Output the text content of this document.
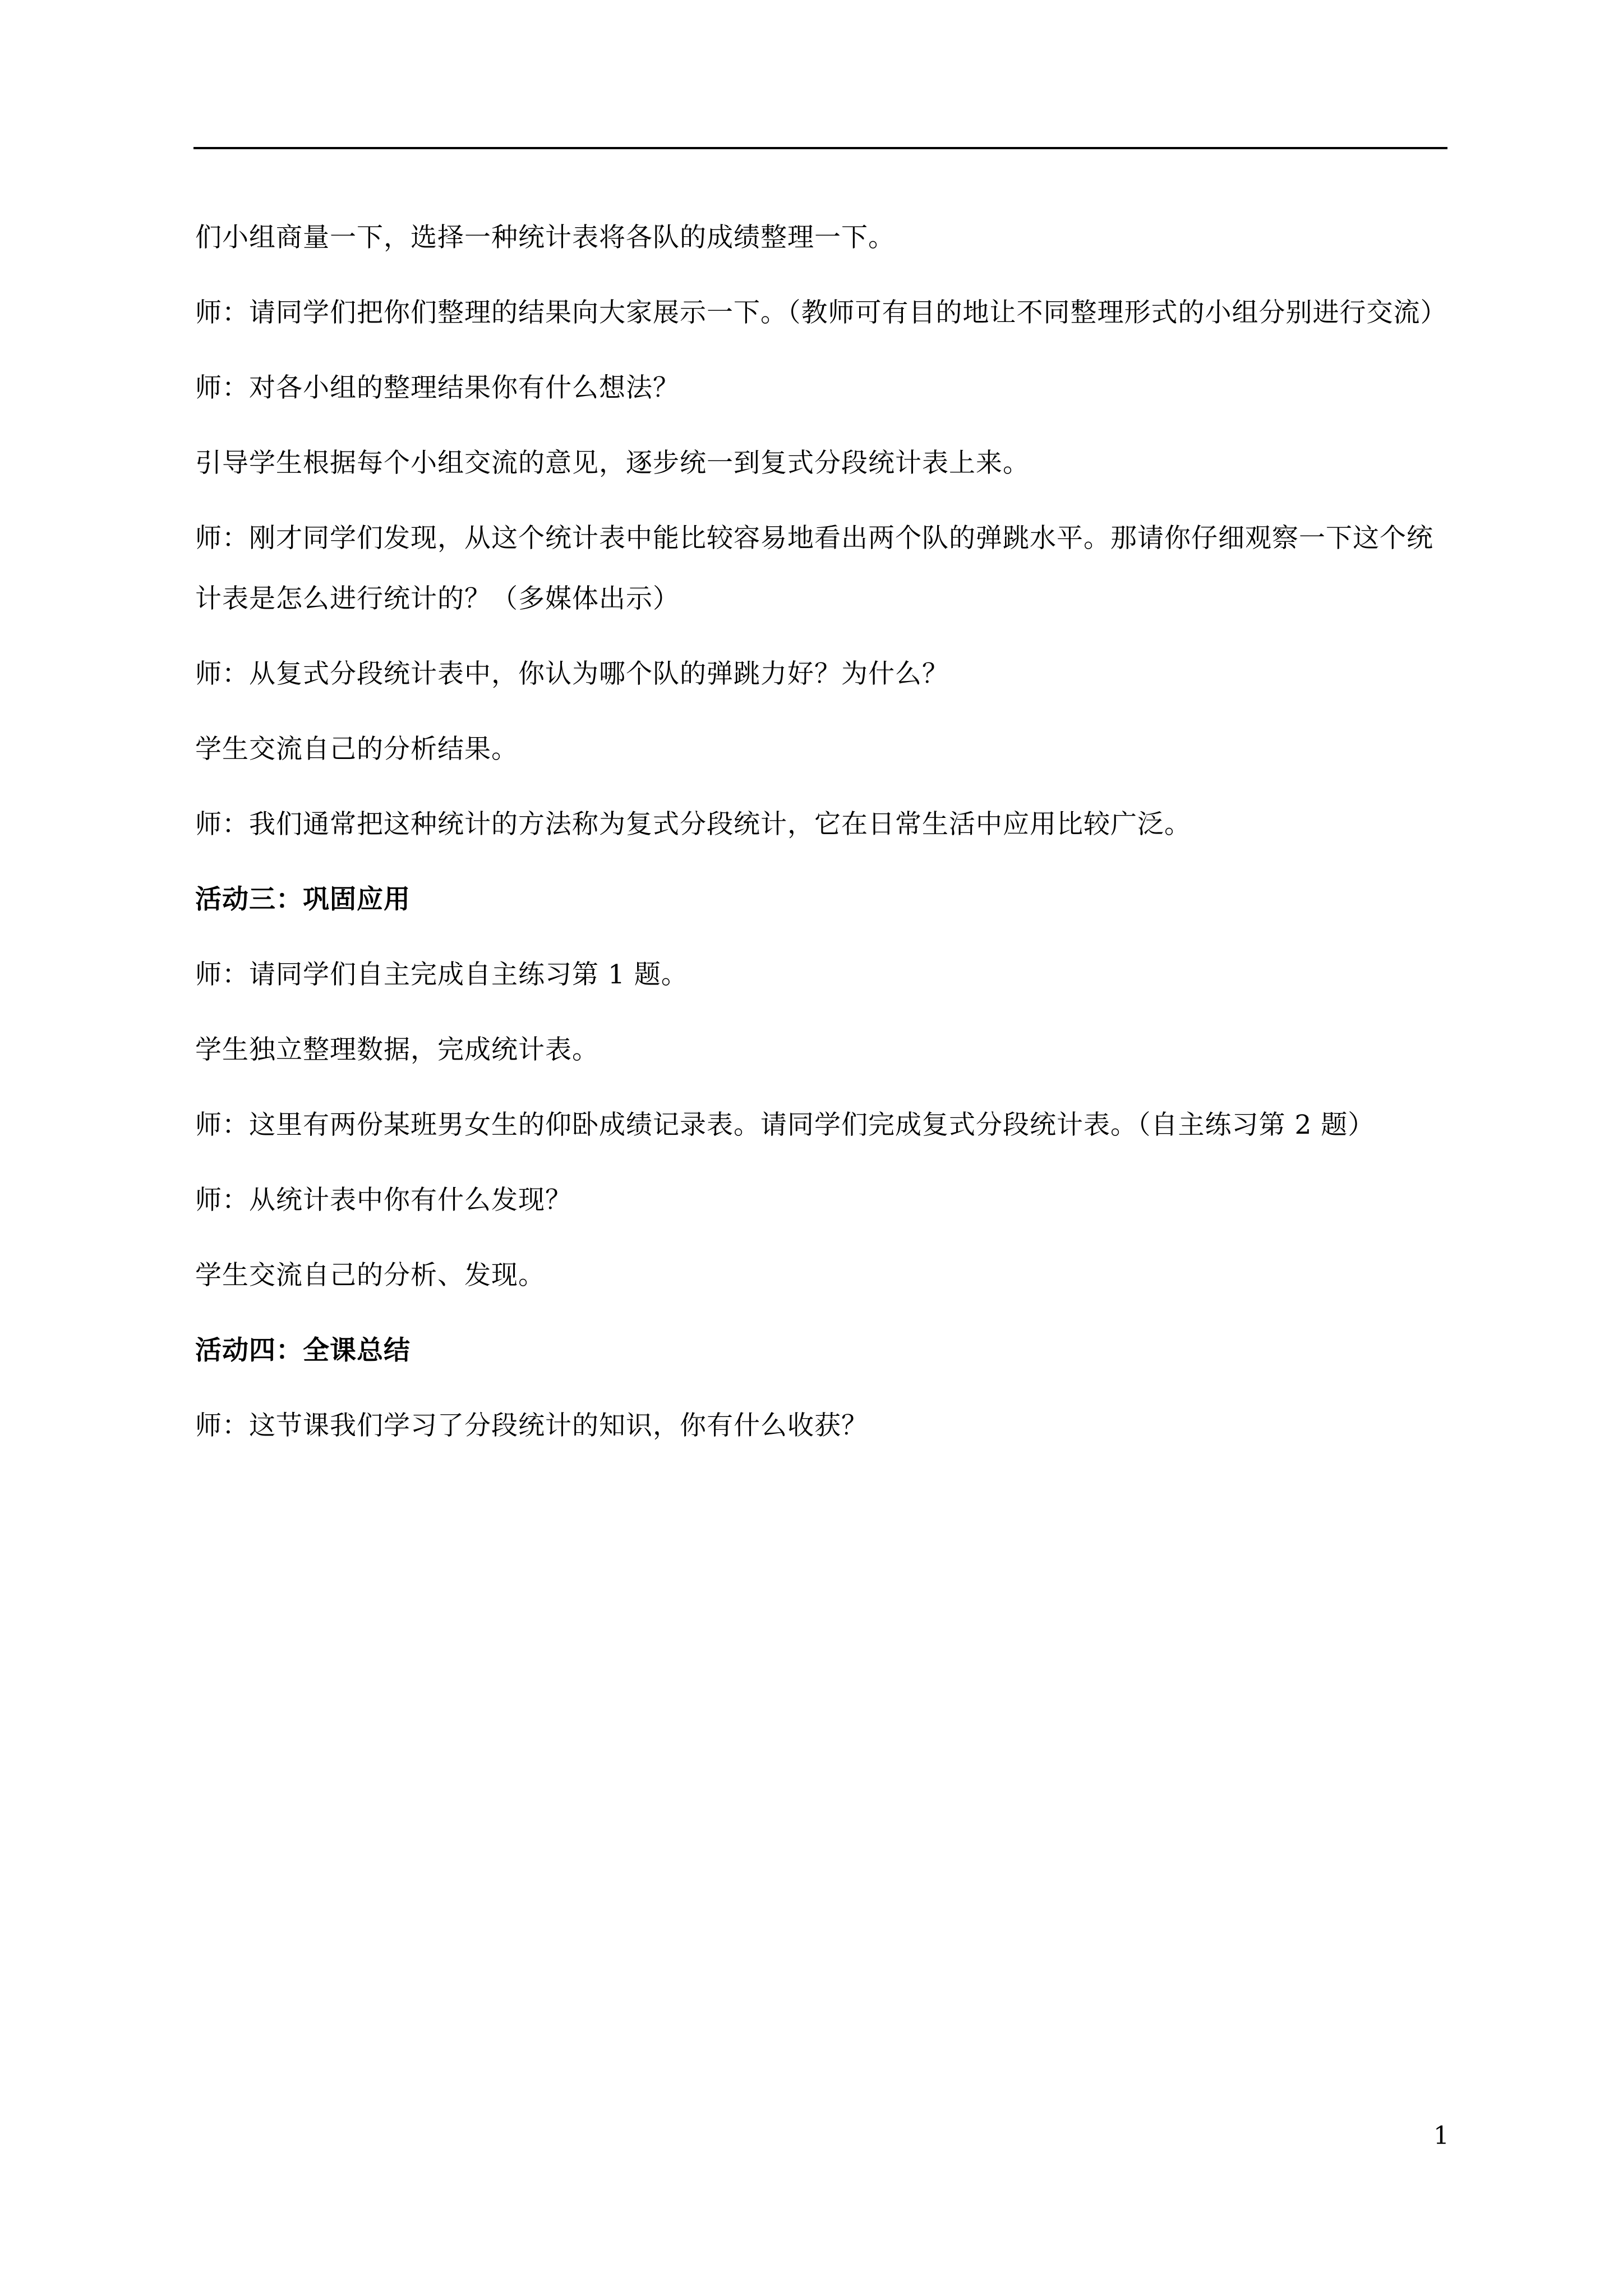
们小组商量一下，选择一种统计表将各队的成绩整理一下。

师：请同学们把你们整理的结果向大家展示一下。（教师可有目的地让不同整理形式的小组分别进行交流）

师：对各小组的整理结果你有什么想法？

引导学生根据每个小组交流的意见，逐步统一到复式分段统计表上来。

师：刚才同学们发现，从这个统计表中能比较容易地看出两个队的弹跳水平。那请你仔细观察一下这个统计表是怎么进行统计的？（多媒体出示）

师：从复式分段统计表中，你认为哪个队的弹跳力好？为什么？

学生交流自己的分析结果。

师：我们通常把这种统计的方法称为复式分段统计，它在日常生活中应用比较广泛。

活动三：巩固应用

师：请同学们自主完成自主练习第 1 题。

学生独立整理数据，完成统计表。

师：这里有两份某班男女生的仰卧成绩记录表。请同学们完成复式分段统计表。（自主练习第 2 题）

师：从统计表中你有什么发现？

学生交流自己的分析、发现。

活动四：全课总结

师：这节课我们学习了分段统计的知识，你有什么收获？

1
